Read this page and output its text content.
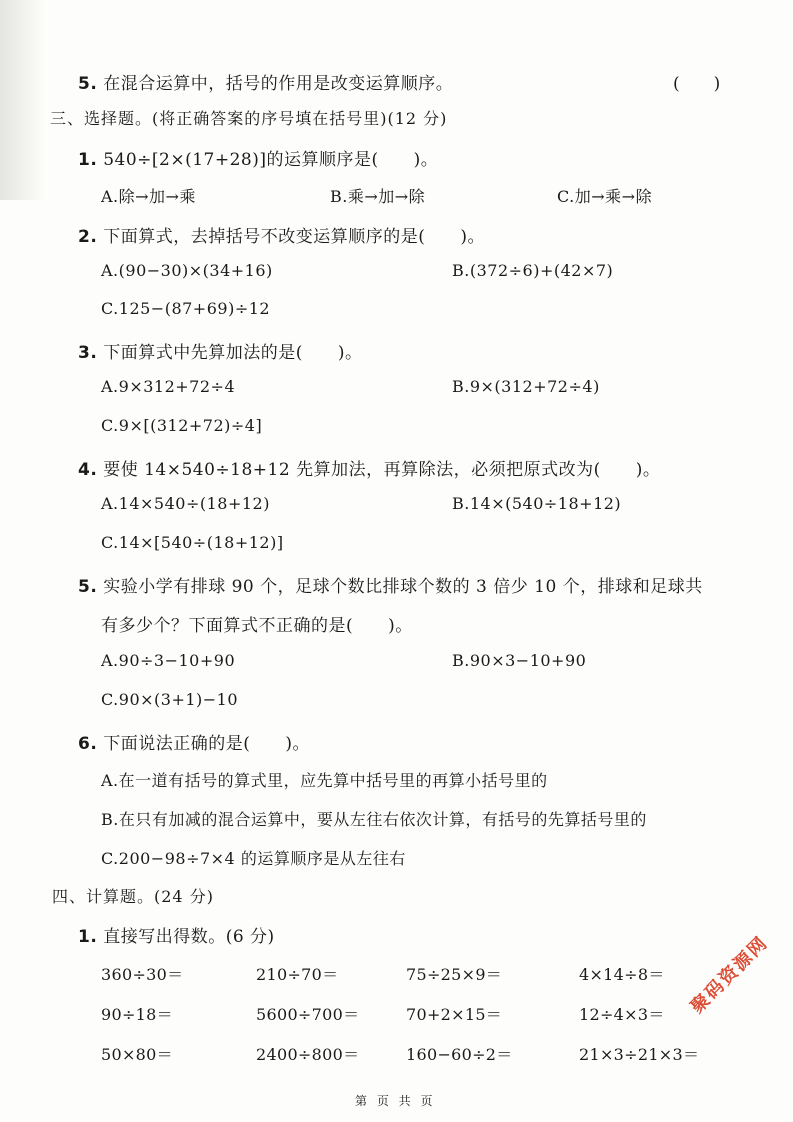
5. 在混合运算中，括号的作用是改变运算顺序。	(　　)
三、选择题。(将正确答案的序号填在括号里)(12 分)
1. 540÷[2×(17+28)]的运算顺序是(　　)。
A.除→加→乘	B.乘→加→除	C.加→乘→除
2. 下面算式，去掉括号不改变运算顺序的是(　　)。
A.(90−30)×(34+16)	B.(372÷6)+(42×7)
C.125−(87+69)÷12
3. 下面算式中先算加法的是(　　)。
A.9×312+72÷4	B.9×(312+72÷4)
C.9×[(312+72)÷4]
4. 要使 14×540÷18+12 先算加法，再算除法，必须把原式改为(　　)。
A.14×540÷(18+12)	B.14×(540÷18+12)
C.14×[540÷(18+12)]
5. 实验小学有排球 90 个，足球个数比排球个数的 3 倍少 10 个，排球和足球共
有多少个？下面算式不正确的是(　　)。
A.90÷3−10+90	B.90×3−10+90
C.90×(3+1)−10
6. 下面说法正确的是(　　)。
A.在一道有括号的算式里，应先算中括号里的再算小括号里的
B.在只有加减的混合运算中，要从左往右依次计算，有括号的先算括号里的
C.200−98÷7×4 的运算顺序是从左往右
四、计算题。(24 分)
1. 直接写出得数。(6 分)
360÷30＝	210÷70＝	75÷25×9＝	4×14÷8＝
90÷18＝	5600÷700＝	70+2×15＝	12÷4×3＝
50×80＝	2400÷800＝	160−60÷2＝	21×3÷21×3＝
聚码资源网
第 页 共 页
